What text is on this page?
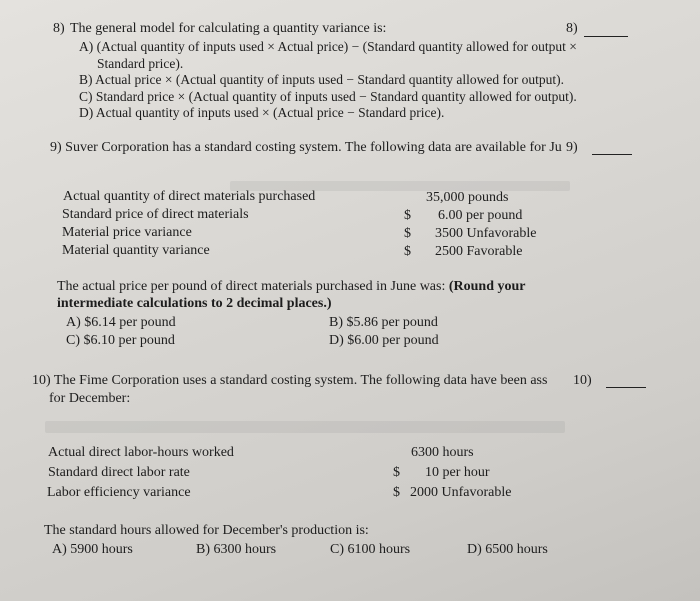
8) The general model for calculating a quantity variance is:	8)
A) (Actual quantity of inputs used × Actual price) − (Standard quantity allowed for output ×
Standard price).
B) Actual price × (Actual quantity of inputs used − Standard quantity allowed for output).
C) Standard price × (Actual quantity of inputs used − Standard quantity allowed for output).
D) Actual quantity of inputs used × (Actual price − Standard price).
9) Suver Corporation has a standard costing system. The following data are available for Ju 9)
Actual quantity of direct materials purchased	35,000 pounds
Standard price of direct materials	$ 6.00 per pound
Material price variance	$ 3500 Unfavorable
Material quantity variance	$ 2500 Favorable
The actual price per pound of direct materials purchased in June was: (Round your
intermediate calculations to 2 decimal places.)
A) $6.14 per pound	B) $5.86 per pound
C) $6.10 per pound	D) $6.00 per pound
10) The Fime Corporation uses a standard costing system. The following data have been ass
for December:
10)
Actual direct labor-hours worked	6300 hours
Standard direct labor rate	$ 10 per hour
Labor efficiency variance	$ 2000 Unfavorable
The standard hours allowed for December's production is:
A) 5900 hours	B) 6300 hours	C) 6100 hours	D) 6500 hours
